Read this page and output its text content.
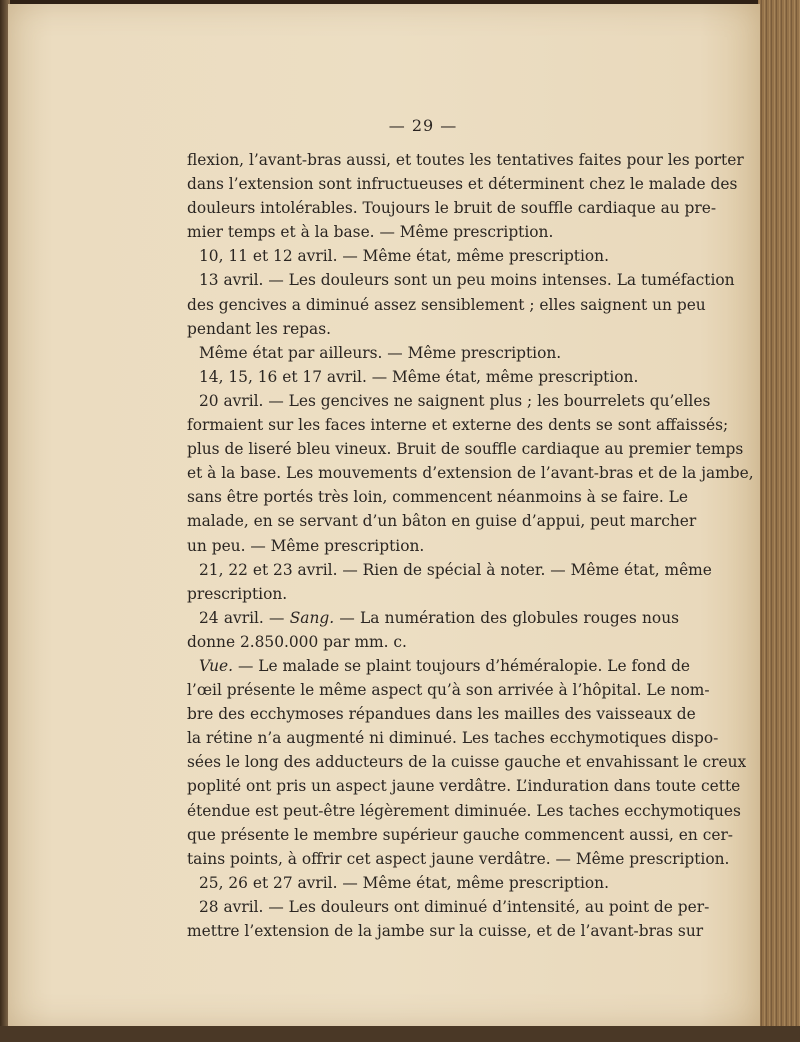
— 29 —

flexion, l’avant-bras aussi, et toutes les tentatives faites pour les porter

dans l’extension sont infructueuses et déterminent chez le malade des

douleurs intolérables. Toujours le bruit de souffle cardiaque au pre-

mier temps et à la base. — Même prescription.

10, 11 et 12 avril. — Même état, même prescription.

13 avril. — Les douleurs sont un peu moins intenses. La tuméfaction

des gencives a diminué assez sensiblement ; elles saignent un peu

pendant les repas.

Même état par ailleurs. — Même prescription.

14, 15, 16 et 17 avril. — Même état, même prescription.

20 avril. — Les gencives ne saignent plus ; les bourrelets qu’elles

formaient sur les faces interne et externe des dents se sont affaissés;

plus de liseré bleu vineux. Bruit de souffle cardiaque au premier temps

et à la base. Les mouvements d’extension de l’avant-bras et de la jambe,

sans être portés très loin, commencent néanmoins à se faire. Le

malade, en se servant d’un bâton en guise d’appui, peut marcher

un peu. — Même prescription.

21, 22 et 23 avril. — Rien de spécial à noter. — Même état, même

prescription.

24 avril. — Sang. — La numération des globules rouges nous

donne 2.850.000 par mm. c.

Vue. — Le malade se plaint toujours d’héméralopie. Le fond de

l’œil présente le même aspect qu’à son arrivée à l’hôpital. Le nom-

bre des ecchymoses répandues dans les mailles des vaisseaux de

la rétine n’a augmenté ni diminué. Les taches ecchymotiques dispo-

sées le long des adducteurs de la cuisse gauche et envahissant le creux

poplité ont pris un aspect jaune verdâtre. L’induration dans toute cette

étendue est peut-être légèrement diminuée. Les taches ecchymotiques

que présente le membre supérieur gauche commencent aussi, en cer-

tains points, à offrir cet aspect jaune verdâtre. — Même prescription.

25, 26 et 27 avril. — Même état, même prescription.

28 avril. — Les douleurs ont diminué d’intensité, au point de per-

mettre l’extension de la jambe sur la cuisse, et de l’avant-bras sur
